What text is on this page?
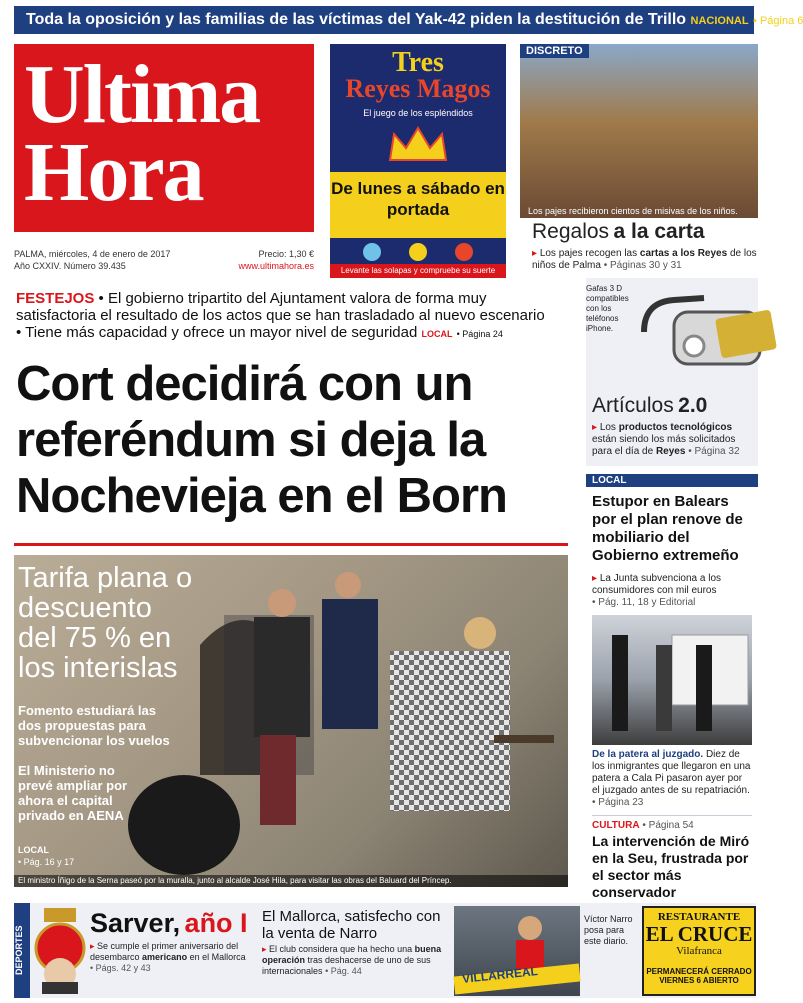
Toda la oposición y las familias de las víctimas del Yak-42 piden la destitución de Trillo NACIONAL • Página 6
Ultima
Hora
PALMA, miércoles, 4 de enero de 2017	Precio: 1,30 €
Año CXXIV. Número 39.435	www.ultimahora.es
Tres
Reyes Magos
El juego de los espléndidos
De lunes a sábado en portada
Levante las solapas y compruebe su suerte
DISCRETO
Los pajes recibieron cientos de misivas de los niños.
Regalos a la carta
▸ Los pajes recogen las cartas a los Reyes de los niños de Palma • Páginas 30 y 31
FESTEJOS • El gobierno tripartito del Ajuntament valora de forma muy satisfactoria el resultado de los actos que se han trasladado al nuevo escenario
• Tiene más capacidad y ofrece un mayor nivel de seguridad LOCAL • Página 24
Cort decidirá con un referéndum si deja la Nochevieja en el Born
Gafas 3 D compatibles con los teléfonos iPhone.
Artículos 2.0
▸ Los productos tecnológicos están siendo los más solicitados para el día de Reyes • Página 32
Tarifa plana o descuento del 75 % en los interislas
Fomento estudiará las dos propuestas para subvencionar los vuelos
El Ministerio no prevé ampliar por ahora el capital privado en AENA
LOCAL
• Pág. 16 y 17
El ministro Íñigo de la Serna paseó por la muralla, junto al alcalde José Hila, para visitar las obras del Baluard del Príncep.
LOCAL
Estupor en Balears por el plan renove de mobiliario del Gobierno extremeño
▸ La Junta subvenciona a los consumidores con mil euros
• Pág. 11, 18 y Editorial
De la patera al juzgado. Diez de los inmigrantes que llegaron en una patera a Cala Pi pasaron ayer por el juzgado antes de su repatriación. • Página 23
CULTURA • Página 54
La intervención de Miró en la Seu, frustrada por el sector más conservador
DEPORTES
Sarver, año I
▸ Se cumple el primer aniversario del desembarco americano en el Mallorca • Págs. 42 y 43
El Mallorca, satisfecho con la venta de Narro
▸ El club considera que ha hecho una buena operación tras deshacerse de uno de sus internacionales • Pág. 44	VILLARREAL
Víctor Narro posa para este diario.
RESTAURANTE
EL CRUCE
Vilafranca
PERMANECERÁ CERRADO
VIERNES 6 ABIERTO
